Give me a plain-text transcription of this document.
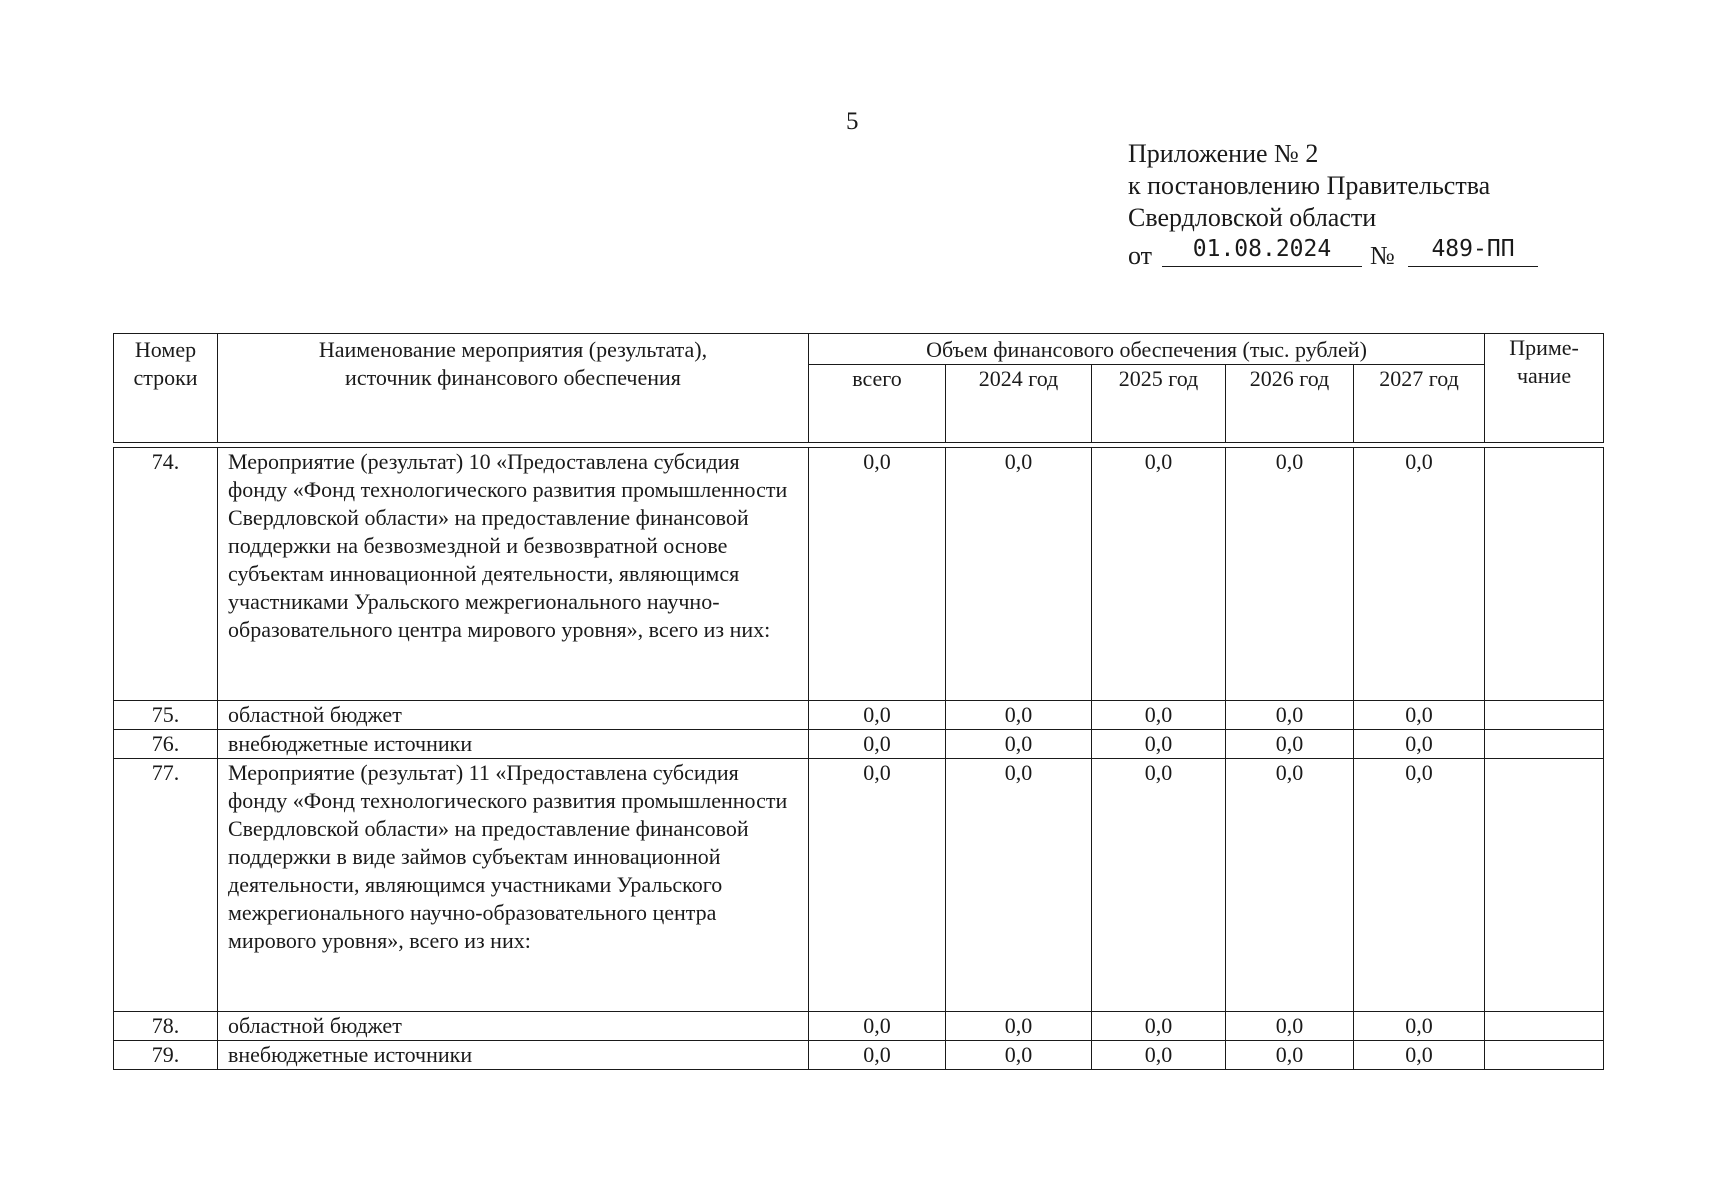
5
Приложение № 2
к постановлению Правительства
Свердловской области
от	01.08.2024	№	489-ПП
Номер строки	Наименование мероприятия (результата), источник финансового обеспечения	Объем финансового обеспечения (тыс. рублей)					Приме-чание
		всего	2024 год	2025 год	2026 год	2027 год	

74.	Мероприятие (результат) 10 «Предоставлена субсидия фонду «Фонд технологического развития промышленности Свердловской области» на предоставление финансовой поддержки на безвозмездной и безвозвратной основе субъектам инновационной деятельности, являющимся участниками Уральского межрегионального научно-образовательного центра мирового уровня», всего из них:	0,0	0,0	0,0	0,0	0,0	
75.	областной бюджет	0,0	0,0	0,0	0,0	0,0	
76.	внебюджетные источники	0,0	0,0	0,0	0,0	0,0	
77.	Мероприятие (результат) 11 «Предоставлена субсидия фонду «Фонд технологического развития промышленности Свердловской области» на предоставление финансовой поддержки в виде займов субъектам инновационной деятельности, являющимся участниками Уральского межрегионального научно-образовательного центра мирового уровня», всего из них:	0,0	0,0	0,0	0,0	0,0	
78.	областной бюджет	0,0	0,0	0,0	0,0	0,0	
79.	внебюджетные источники	0,0	0,0	0,0	0,0	0,0	
